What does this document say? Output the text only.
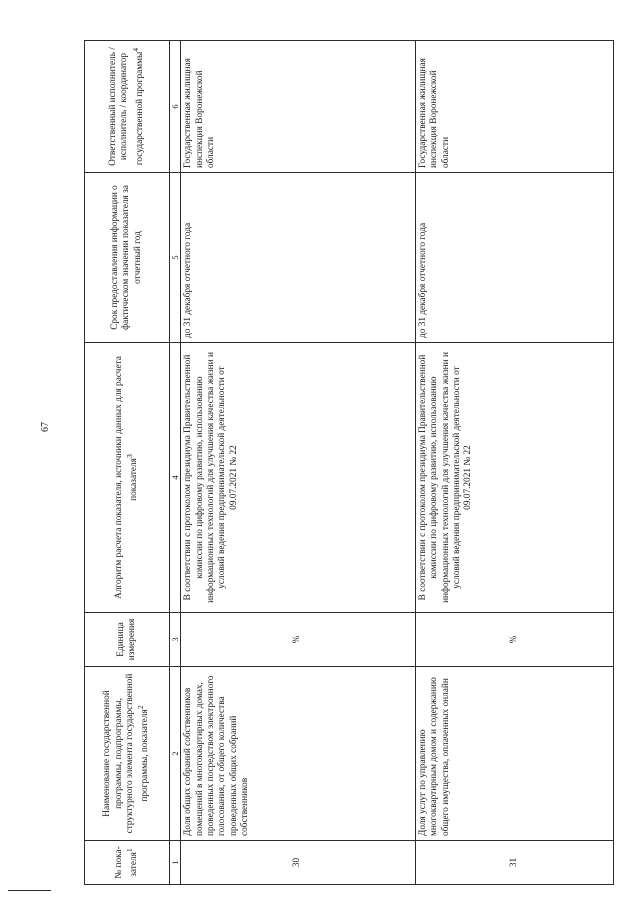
67
№ пока-зателя$^1$	Наименование государственной программы, подпрограммы, структурного элемента государственной программы, показателя$^2$	Единица измерения	Алгоритм расчета показателя, источники данных для расчета показателя$^3$	Срок предоставления информации о фактическом значении показателя за отчетный год	Ответственный исполнитель / исполнитель / координатор государственной программы$^4$
1	2	3	4	5	6
30	Доля общих собраний собственников помещений в многоквартирных домах, проведенных посредством электронного голосования, от общего количества проведенных общих собраний собственников	%	В соответствии с протоколом президиума Правительственной комиссии по цифровому развитию, использованию информационных технологий для улучшения качества жизни и условий ведения предпринимательской деятельности от 09.07.2021 № 22	до 31 декабря отчетного года	Государственная жилищная инспекция Воронежской области
31	Доля услуг по управлению многоквартирным домом и содержанию общего имущества, оплаченных онлайн	%	В соответствии с протоколом президиума Правительственной комиссии по цифровому развитию, использованию информационных технологий для улучшения качества жизни и условий ведения предпринимательской деятельности от 09.07.2021 № 22	до 31 декабря отчетного года	Государственная жилищная инспекция Воронежской области
